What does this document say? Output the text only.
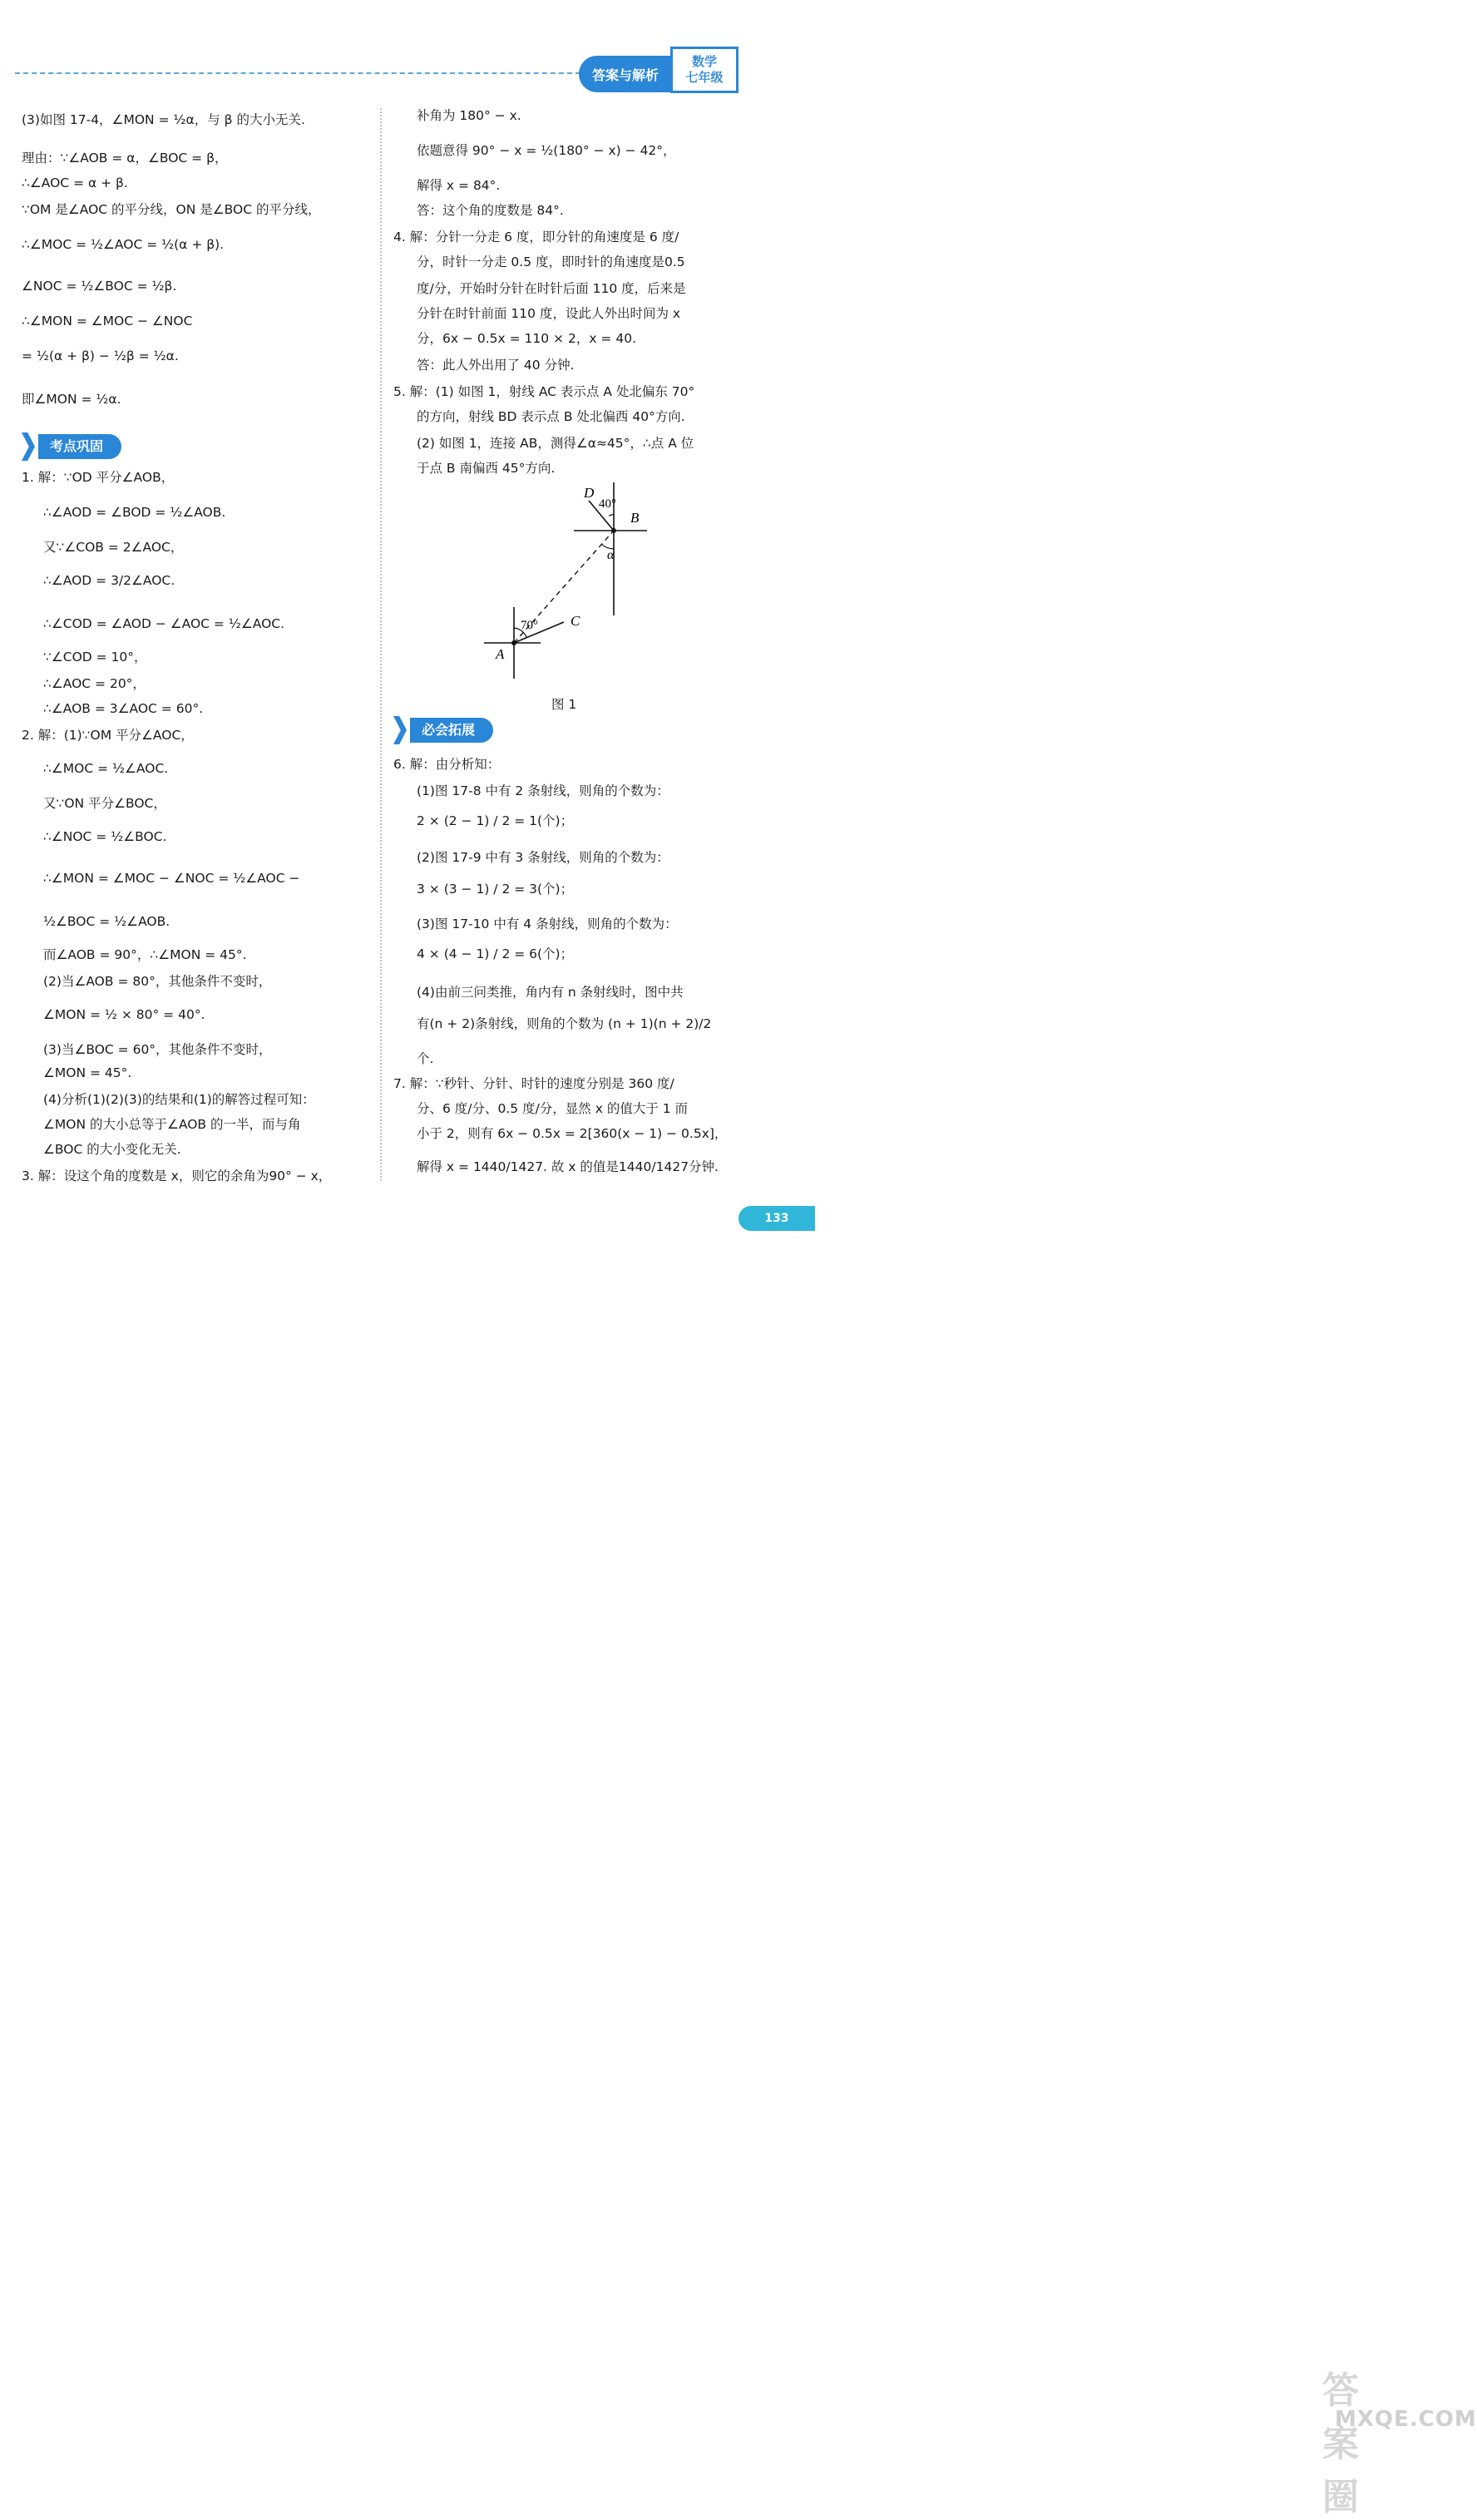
答案与解析
数学
七年级
(3)如图 17-4，∠MON = ½α，与 β 的大小无关.
理由：∵∠AOB = α，∠BOC = β，
∴∠AOC = α + β.
∵OM 是∠AOC 的平分线，ON 是∠BOC 的平分线，
∴∠MOC = ½∠AOC = ½(α + β).
∠NOC = ½∠BOC = ½β.
∴∠MON = ∠MOC − ∠NOC
= ½(α + β) − ½β = ½α.
即∠MON = ½α.
1. 解：∵OD 平分∠AOB，
∴∠AOD = ∠BOD = ½∠AOB.
又∵∠COB = 2∠AOC，
∴∠AOD = 3/2∠AOC.
∴∠COD = ∠AOD − ∠AOC = ½∠AOC.
∵∠COD = 10°，
∴∠AOC = 20°，
∴∠AOB = 3∠AOC = 60°.
2. 解：(1)∵OM 平分∠AOC，
∴∠MOC = ½∠AOC.
又∵ON 平分∠BOC，
∴∠NOC = ½∠BOC.
∴∠MON = ∠MOC − ∠NOC = ½∠AOC −
½∠BOC = ½∠AOB.
而∠AOB = 90°，∴∠MON = 45°.
(2)当∠AOB = 80°，其他条件不变时，
∠MON = ½ × 80° = 40°.
(3)当∠BOC = 60°，其他条件不变时，
∠MON = 45°.
(4)分析(1)(2)(3)的结果和(1)的解答过程可知：
∠MON 的大小总等于∠AOB 的一半，而与角
∠BOC 的大小变化无关.
3. 解：设这个角的度数是 x，则它的余角为90° − x，
考点巩固
补角为 180° − x.
依题意得 90° − x = ½(180° − x) − 42°，
解得 x = 84°.
答：这个角的度数是 84°.
4. 解：分针一分走 6 度，即分针的角速度是 6 度/
分，时针一分走 0.5 度，即时针的角速度是0.5
度/分，开始时分针在时针后面 110 度，后来是
分针在时针前面 110 度，设此人外出时间为 x
分，6x − 0.5x = 110 × 2，x = 40.
答：此人外出用了 40 分钟.
5. 解：(1) 如图 1，射线 AC 表示点 A 处北偏东 70°
的方向，射线 BD 表示点 B 处北偏西 40°方向.
(2) 如图 1，连接 AB，测得∠α≈45°，∴点 A 位
于点 B 南偏西 45°方向.
图 1
6. 解：由分析知：
(1)图 17-8 中有 2 条射线，则角的个数为：
2 × (2 − 1) / 2 = 1(个)；
(2)图 17-9 中有 3 条射线，则角的个数为：
3 × (3 − 1) / 2 = 3(个)；
(3)图 17-10 中有 4 条射线，则角的个数为：
4 × (4 − 1) / 2 = 6(个)；
(4)由前三问类推，角内有 n 条射线时，图中共
有(n + 2)条射线，则角的个数为 (n + 1)(n + 2)/2
个.
7. 解：∵秒针、分针、时针的速度分别是 360 度/
分、6 度/分、0.5 度/分，显然 x 的值大于 1 而
小于 2，则有 6x − 0.5x = 2[360(x − 1) − 0.5x]，
解得 x = 1440/1427. 故 x 的值是1440/1427分钟.
必会拓展
D
40°
B
α
70° C
A
答案圈
MXQE.COM
133
